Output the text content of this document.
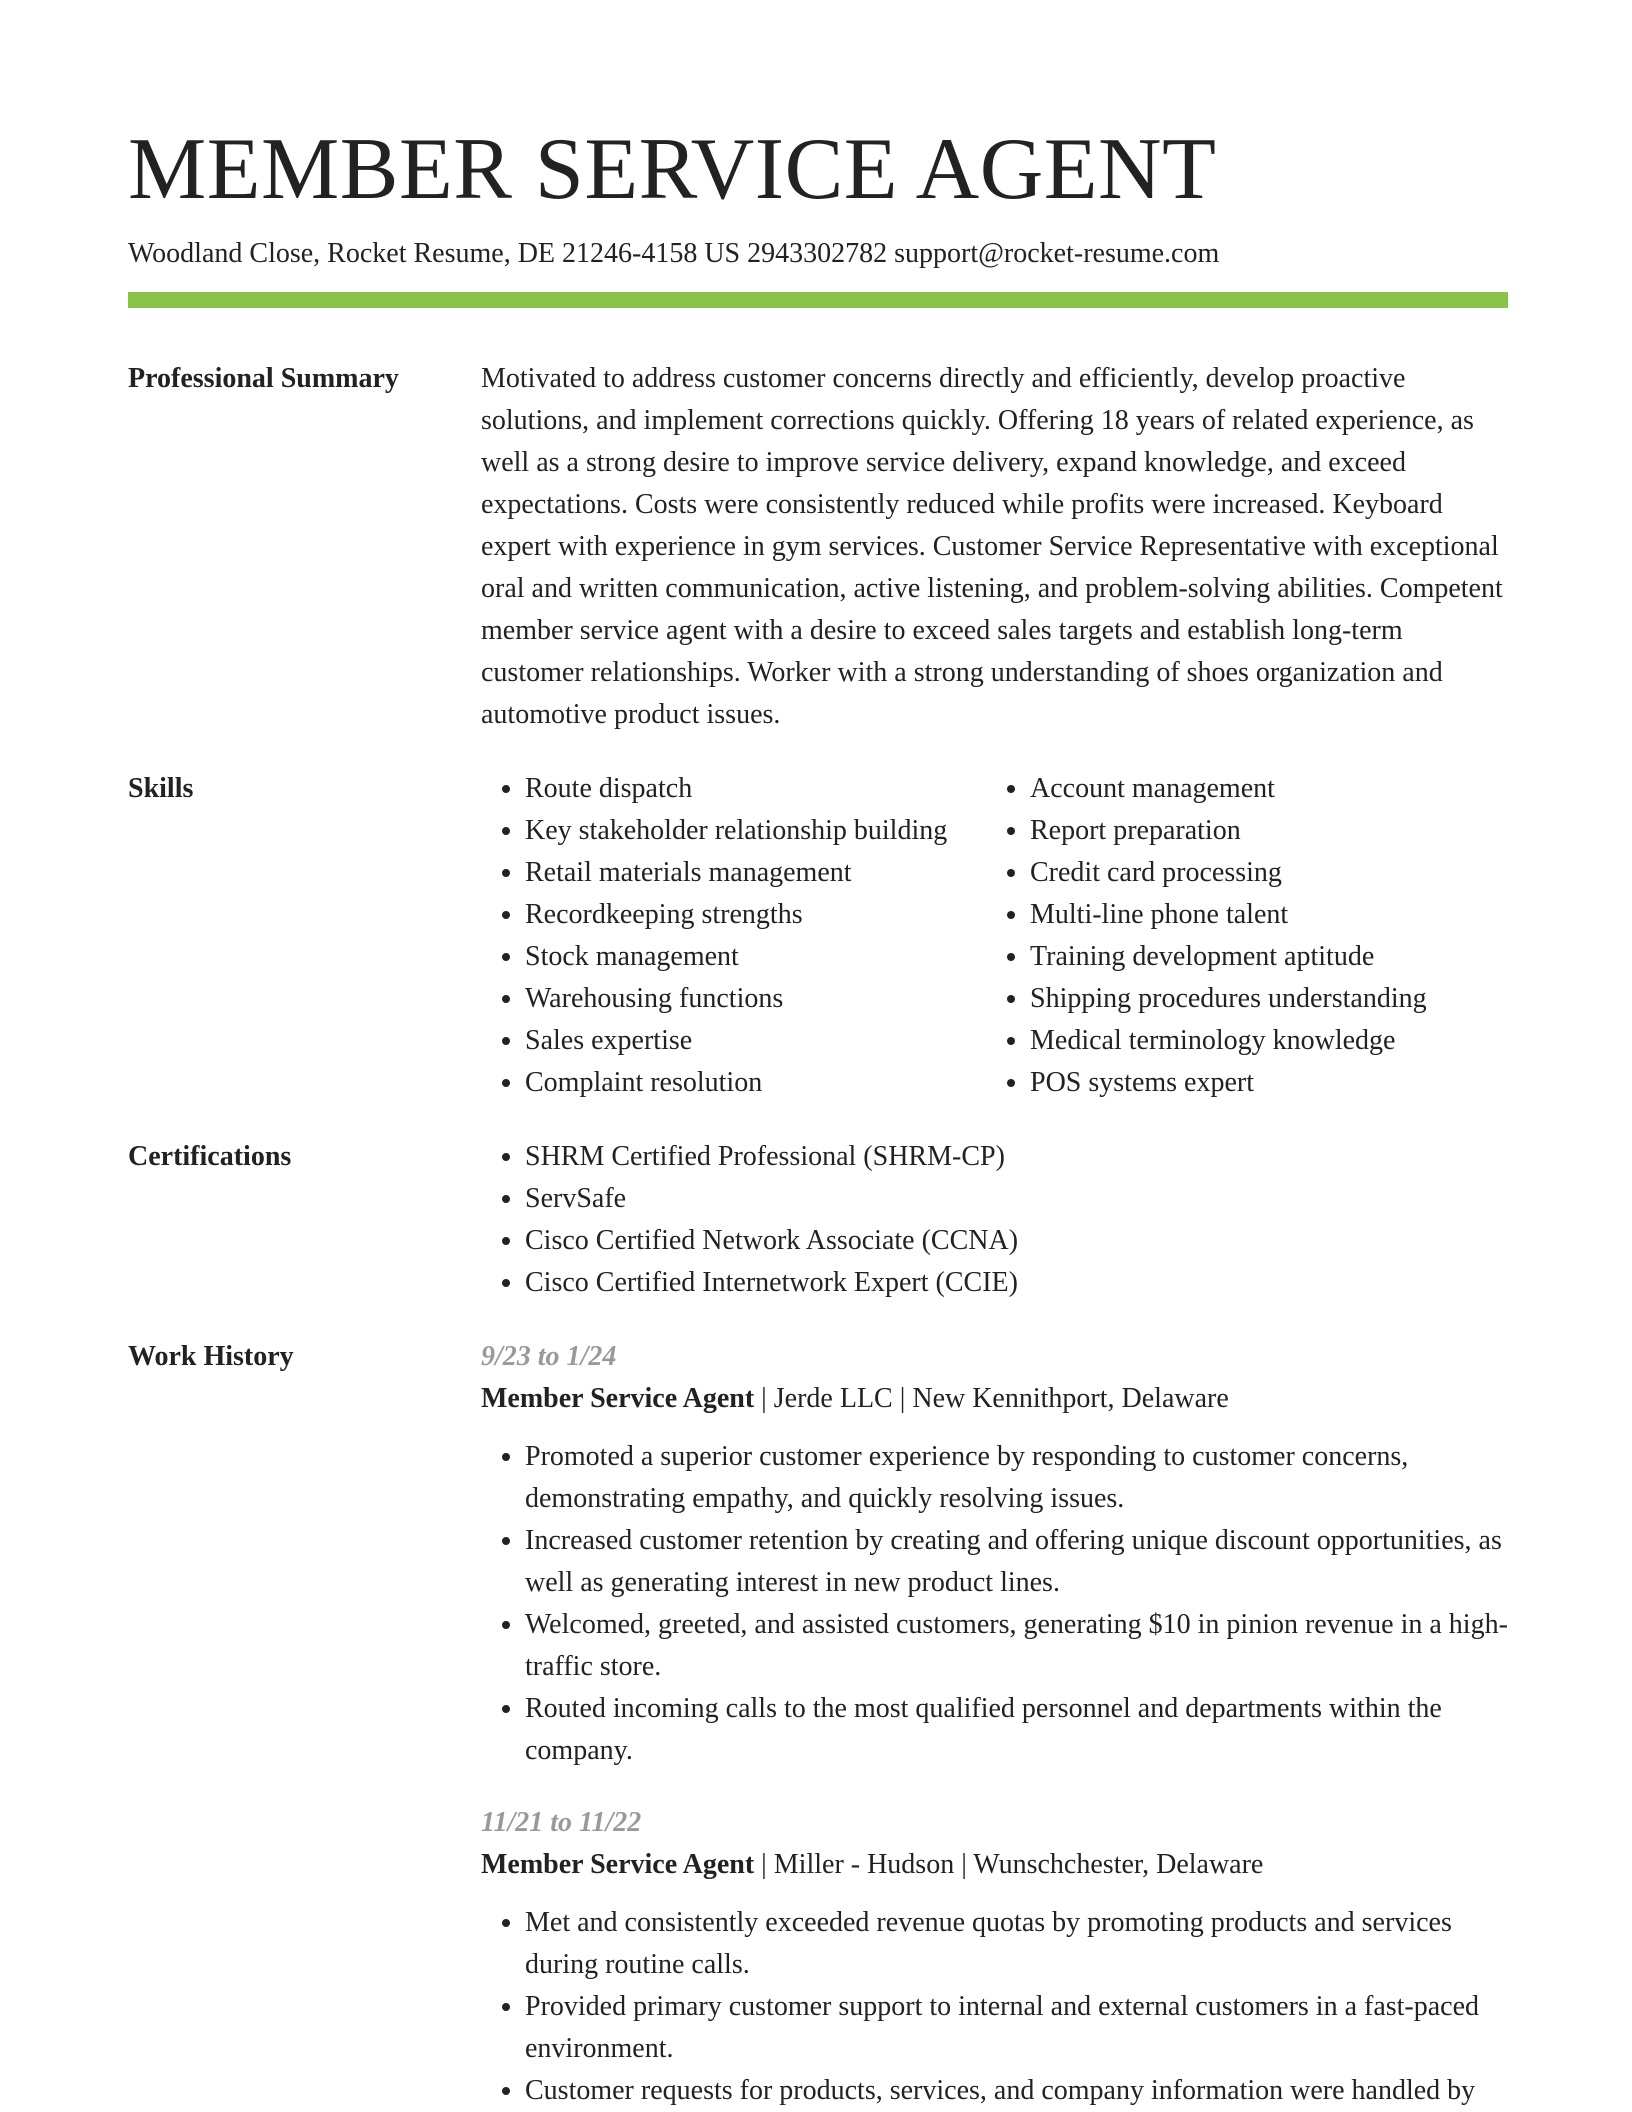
MEMBER SERVICE AGENT
Woodland Close, Rocket Resume, DE 21246-4158 US 2943302782 support@rocket-resume.com
Professional Summary	Motivated to address customer concerns directly and efficiently, develop proactive solutions, and implement corrections quickly. Offering 18 years of related experience, as well as a strong desire to improve service delivery, expand knowledge, and exceed expectations. Costs were consistently reduced while profits were increased. Keyboard expert with experience in gym services. Customer Service Representative with exceptional oral and written communication, active listening, and problem-solving abilities. Competent member service agent with a desire to exceed sales targets and establish long-term customer relationships. Worker with a strong understanding of shoes organization and automotive product issues.

Skills	• Route dispatch
• Key stakeholder relationship building
• Retail materials management
• Recordkeeping strengths
• Stock management
• Warehousing functions
• Sales expertise
• Complaint resolution
• Account management
• Report preparation
• Credit card processing
• Multi-line phone talent
• Training development aptitude
• Shipping procedures understanding
• Medical terminology knowledge
• POS systems expert
Certifications	• SHRM Certified Professional (SHRM-CP)
• ServSafe
• Cisco Certified Network Associate (CCNA)
• Cisco Certified Internetwork Expert (CCIE)
Work History	9/23 to 1/24
Member Service Agent | Jerde LLC | New Kennithport, Delaware
• Promoted a superior customer experience by responding to customer concerns, demonstrating empathy, and quickly resolving issues.
• Increased customer retention by creating and offering unique discount opportunities, as well as generating interest in new product lines.
• Welcomed, greeted, and assisted customers, generating $10 in pinion revenue in a high-traffic store.
• Routed incoming calls to the most qualified personnel and departments within the company.
11/21 to 11/22
Member Service Agent | Miller - Hudson | Wunschchester, Delaware
• Met and consistently exceeded revenue quotas by promoting products and services during routine calls.
• Provided primary customer support to internal and external customers in a fast-paced environment.
• Customer requests for products, services, and company information were handled by
